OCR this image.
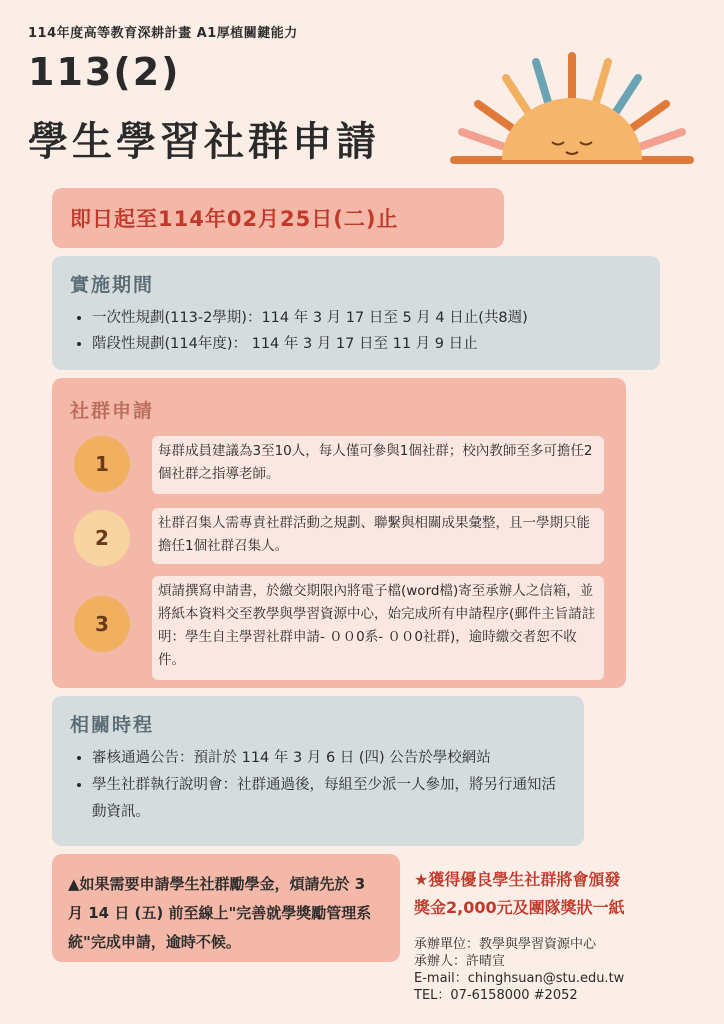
114年度高等教育深耕計畫 A1厚植關鍵能力
113(2)
學生學習社群申請
即日起至114年02月25日(二)止
實施期間
• 一次性規劃(113-2學期)：114 年 3 月 17 日至 5 月 4 日止(共8週)
• 階段性規劃(114年度)： 114 年 3 月 17 日至 11 月 9 日止
社群申請
1
每群成員建議為3至10人，每人僅可參與1個社群；校內教師至多可擔任2個社群之指導老師。
2
社群召集人需專責社群活動之規劃、聯繫與相關成果彙整，且一學期只能擔任1個社群召集人。
3
煩請撰寫申請書，於繳交期限內將電子檔(word檔)寄至承辦人之信箱，並將紙本資料交至教學與學習資源中心，始完成所有申請程序(郵件主旨請註明：學生自主學習社群申請- ００0系- ００0社群)，逾時繳交者恕不收件。
相關時程
• 審核通過公告：預計於 114 年 3 月 6 日 (四) 公告於學校網站
• 學生社群執行說明會：社群通過後，每組至少派一人參加，將另行通知活動資訊。
▲如果需要申請學生社群勵學金，煩請先於 3 月 14 日 (五) 前至線上"完善就學獎勵管理系統"完成申請，逾時不候。
★獲得優良學生社群將會頒發
獎金2,000元及團隊獎狀一紙
承辦單位：教學與學習資源中心
承辦人：許晴宣
E-mail：chinghsuan@stu.edu.tw
TEL：07-6158000 #2052
